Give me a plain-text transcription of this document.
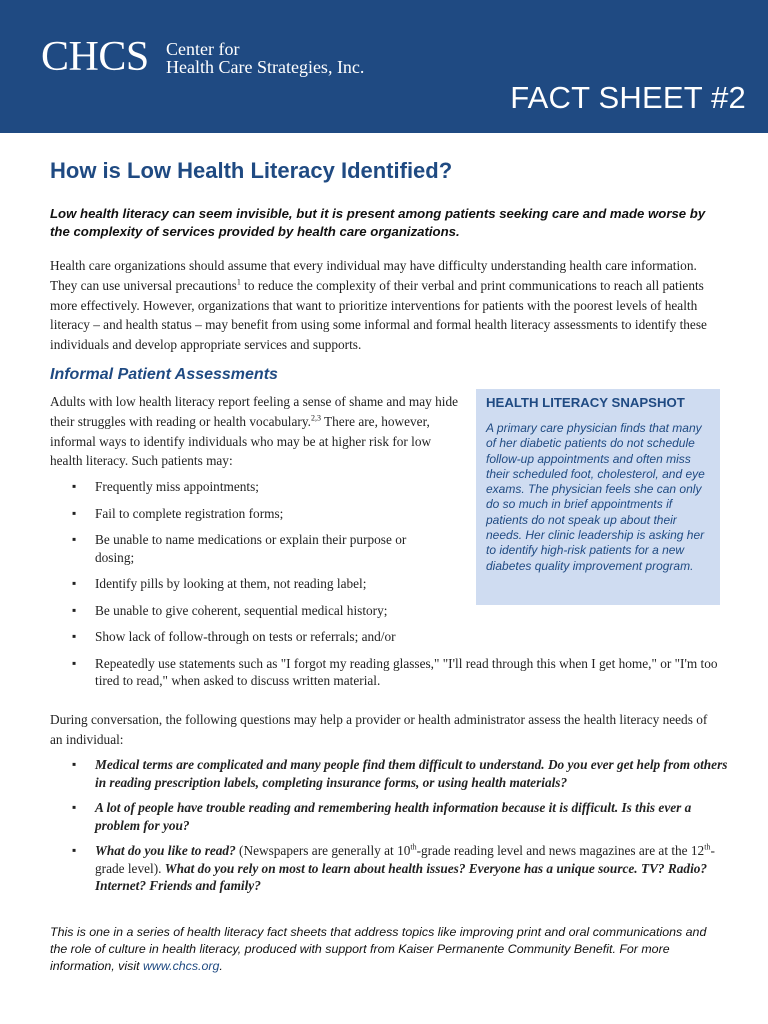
CHCS Center for
Health Care Strategies, Inc.
FACT SHEET #2
How is Low Health Literacy Identified?

Low health literacy can seem invisible, but it is present among patients seeking care and made worse by the complexity of services provided by health care organizations.

Health care organizations should assume that every individual may have difficulty understanding health care information. They can use universal precautions$^1$ to reduce the complexity of their verbal and print communications to reach all patients more effectively. However, organizations that want to prioritize interventions for patients with the poorest levels of health literacy – and health status – may benefit from using some informal and formal health literacy assessments to identify these individuals and develop appropriate services and supports.

Informal Patient Assessments

Adults with low health literacy report feeling a sense of shame and may hide their struggles with reading or health vocabulary.$^{2,3}$ There are, however, informal ways to identify individuals who may be at higher risk for low health literacy. Such patients may:

▪ Frequently miss appointments;
▪ Fail to complete registration forms;
▪ Be unable to name medications or explain their purpose or dosing;
▪ Identify pills by looking at them, not reading label;
▪ Be unable to give coherent, sequential medical history;
▪ Show lack of follow-through on tests or referrals; and/or
▪ Repeatedly use statements such as "I forgot my reading glasses," "I'll read through this when I get home," or "I'm too tired to read," when asked to discuss written material.
HEALTH LITERACY SNAPSHOT
A primary care physician finds that many of her diabetic patients do not schedule follow-up appointments and often miss their scheduled foot, cholesterol, and eye exams. The physician feels she can only do so much in brief appointments if patients do not speak up about their needs. Her clinic leadership is asking her to identify high-risk patients for a new diabetes quality improvement program.

During conversation, the following questions may help a provider or health administrator assess the health literacy needs of an individual:

▪ Medical terms are complicated and many people find them difficult to understand. Do you ever get help from others in reading prescription labels, completing insurance forms, or using health materials?
▪ A lot of people have trouble reading and remembering health information because it is difficult. Is this ever a problem for you?
▪ What do you like to read? (Newspapers are generally at 10th-grade reading level and news magazines are at the 12th-grade level). What do you rely on most to learn about health issues? Everyone has a unique source. TV? Radio? Internet? Friends and family?

This is one in a series of health literacy fact sheets that address topics like improving print and oral communications and the role of culture in health literacy, produced with support from Kaiser Permanente Community Benefit. For more information, visit www.chcs.org.
